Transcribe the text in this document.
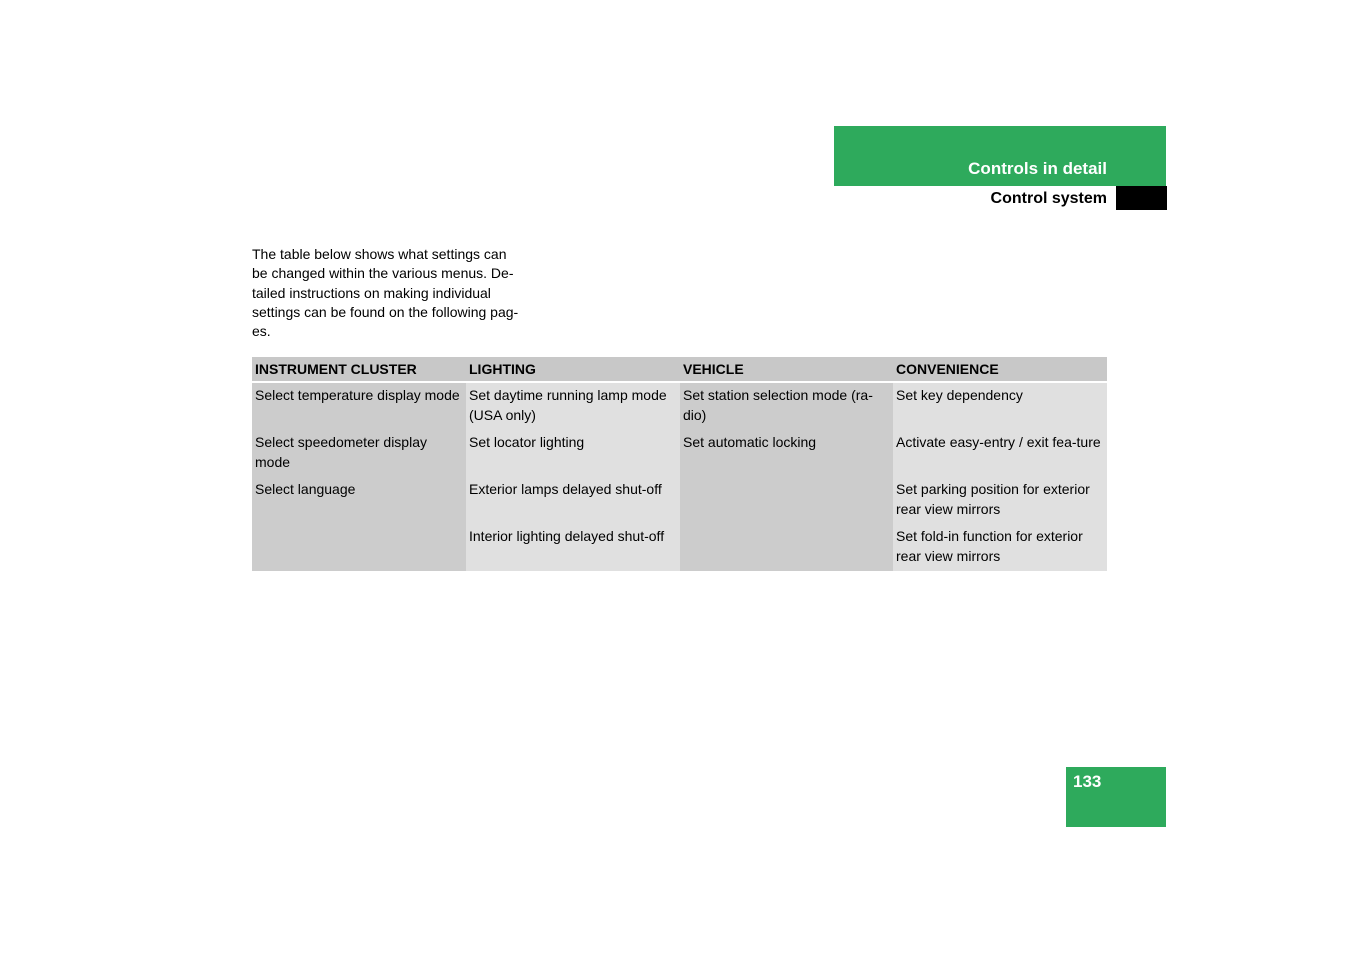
Controls in detail
Control system

The table below shows what settings can
be changed within the various menus. De-
tailed instructions on making individual
settings can be found on the following pag-
es.

INSTRUMENT CLUSTER	LIGHTING	VEHICLE	CONVENIENCE
Select temperature display mode	Set daytime running lamp mode (USA only)	Set station selection mode (ra-dio)	Set key dependency
Select speedometer display mode	Set locator lighting	Set automatic locking	Activate easy-entry / exit fea-ture
Select language	Exterior lamps delayed shut-off		Set parking position for exterior rear view mirrors
	Interior lighting delayed shut-off		Set fold-in function for exterior rear view mirrors
133
